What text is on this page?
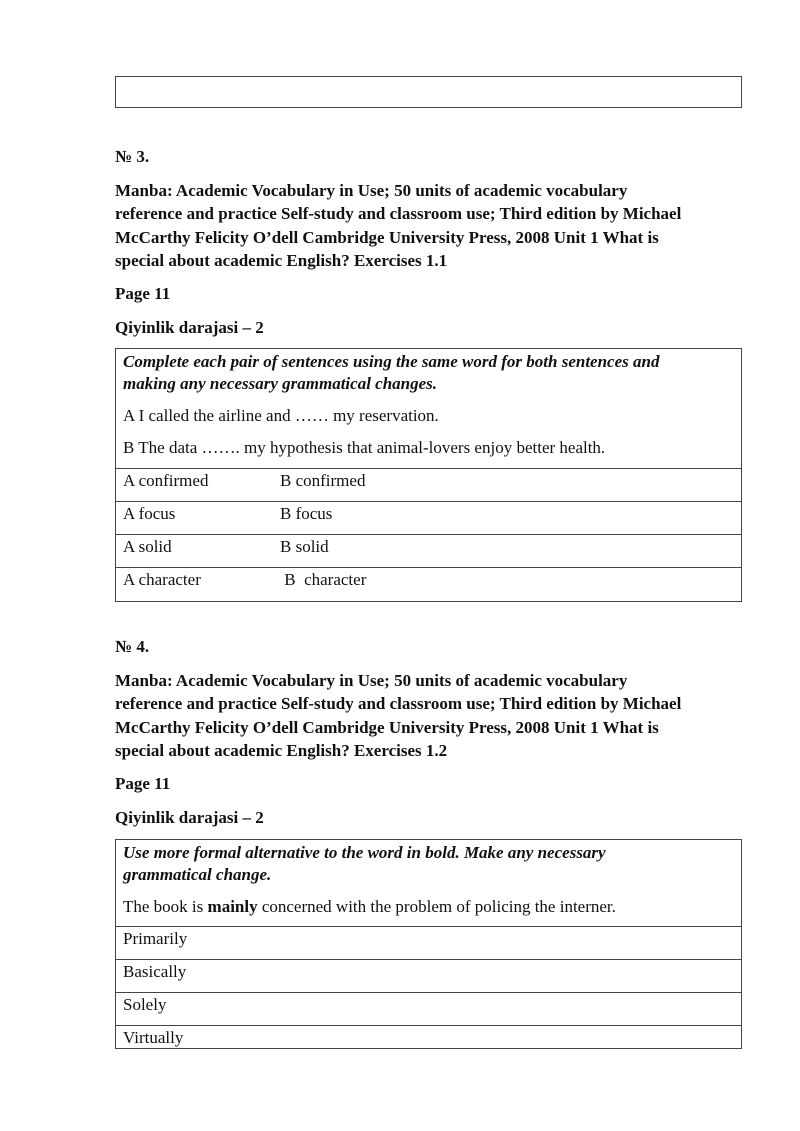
№ 3.

Manba: Academic Vocabulary in Use; 50 units of academic vocabulary

reference and practice Self-study and classroom use; Third edition by Michael

McCarthy Felicity O’dell Cambridge University Press, 2008 Unit 1 What is

special about academic English? Exercises 1.1

Page 11

Qiyinlik darajasi – 2

Complete each pair of sentences using the same word for both sentences and

making any necessary grammatical changes.

A I called the airline and …… my reservation.

B The data ……. my hypothesis that animal-lovers enjoy better health.

A confirmed	B confirmed
A focus	B focus
A solid	B solid
A character	B  character

№ 4.

Manba: Academic Vocabulary in Use; 50 units of academic vocabulary

reference and practice Self-study and classroom use; Third edition by Michael

McCarthy Felicity O’dell Cambridge University Press, 2008 Unit 1 What is

special about academic English? Exercises 1.2

Page 11

Qiyinlik darajasi – 2

Use more formal alternative to the word in bold. Make any necessary

grammatical change.

The book is mainly concerned with the problem of policing the interner.

Primarily
Basically
Solely
Virtually
